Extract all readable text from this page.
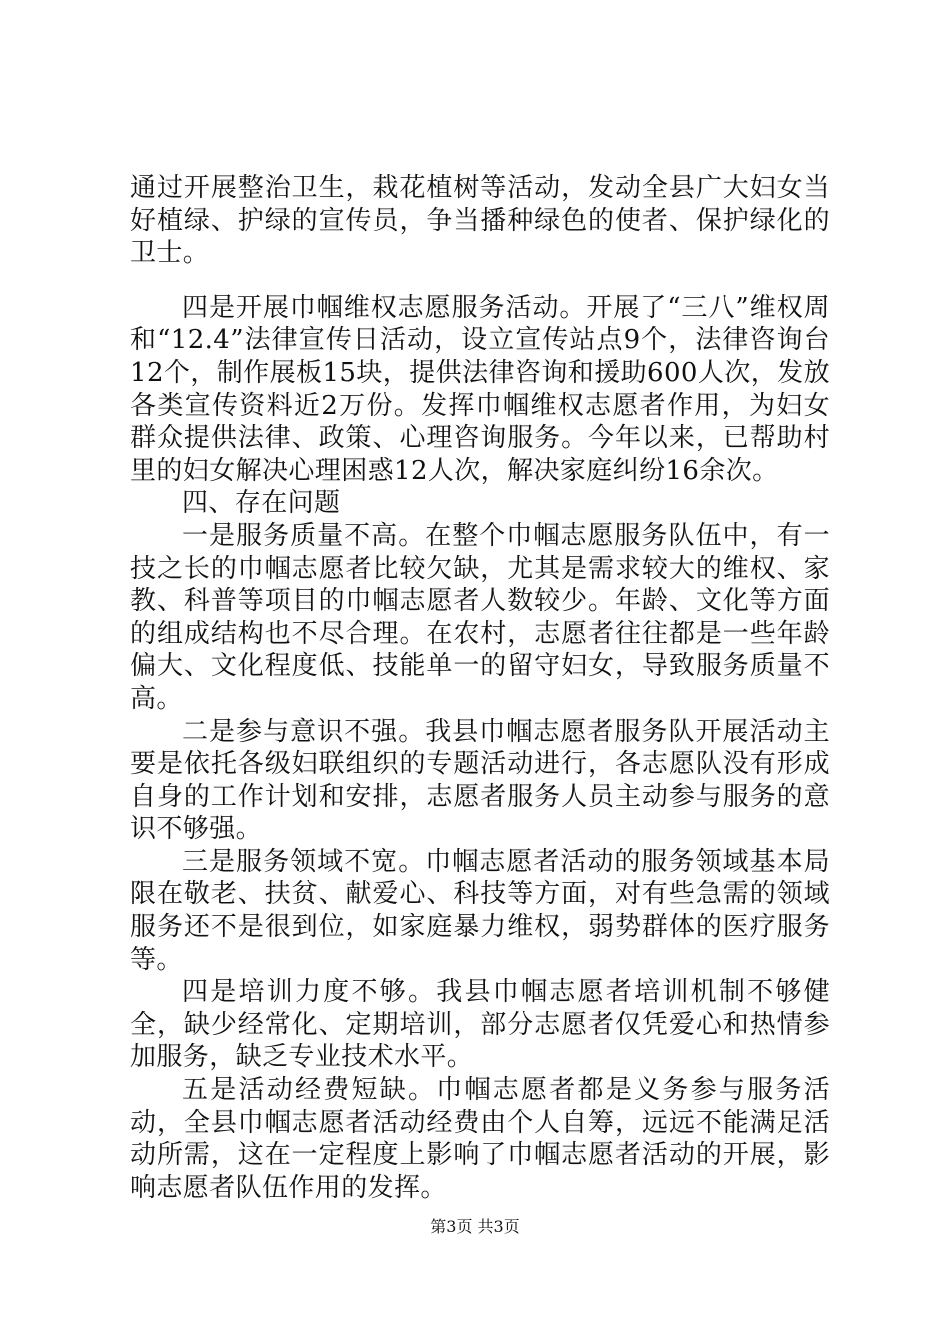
通过开展整治卫生，栽花植树等活动，发动全县广大妇女当好植绿、护绿的宣传员，争当播种绿色的使者、保护绿化的卫士。

四是开展巾帼维权志愿服务活动。开展了“三八”维权周和“12.4”法律宣传日活动，设立宣传站点9个，法律咨询台12个，制作展板15块，提供法律咨询和援助600人次，发放各类宣传资料近2万份。发挥巾帼维权志愿者作用，为妇女群众提供法律、政策、心理咨询服务。今年以来，已帮助村里的妇女解决心理困惑12人次，解决家庭纠纷16余次。

四、存在问题

一是服务质量不高。在整个巾帼志愿服务队伍中，有一技之长的巾帼志愿者比较欠缺，尤其是需求较大的维权、家教、科普等项目的巾帼志愿者人数较少。年龄、文化等方面的组成结构也不尽合理。在农村，志愿者往往都是一些年龄偏大、文化程度低、技能单一的留守妇女，导致服务质量不高。

二是参与意识不强。我县巾帼志愿者服务队开展活动主要是依托各级妇联组织的专题活动进行，各志愿队没有形成自身的工作计划和安排，志愿者服务人员主动参与服务的意识不够强。

三是服务领域不宽。巾帼志愿者活动的服务领域基本局限在敬老、扶贫、献爱心、科技等方面，对有些急需的领域服务还不是很到位，如家庭暴力维权，弱势群体的医疗服务等。

四是培训力度不够。我县巾帼志愿者培训机制不够健全，缺少经常化、定期培训，部分志愿者仅凭爱心和热情参加服务，缺乏专业技术水平。

五是活动经费短缺。巾帼志愿者都是义务参与服务活动，全县巾帼志愿者活动经费由个人自筹，远远不能满足活动所需，这在一定程度上影响了巾帼志愿者活动的开展，影响志愿者队伍作用的发挥。

第3页 共3页
